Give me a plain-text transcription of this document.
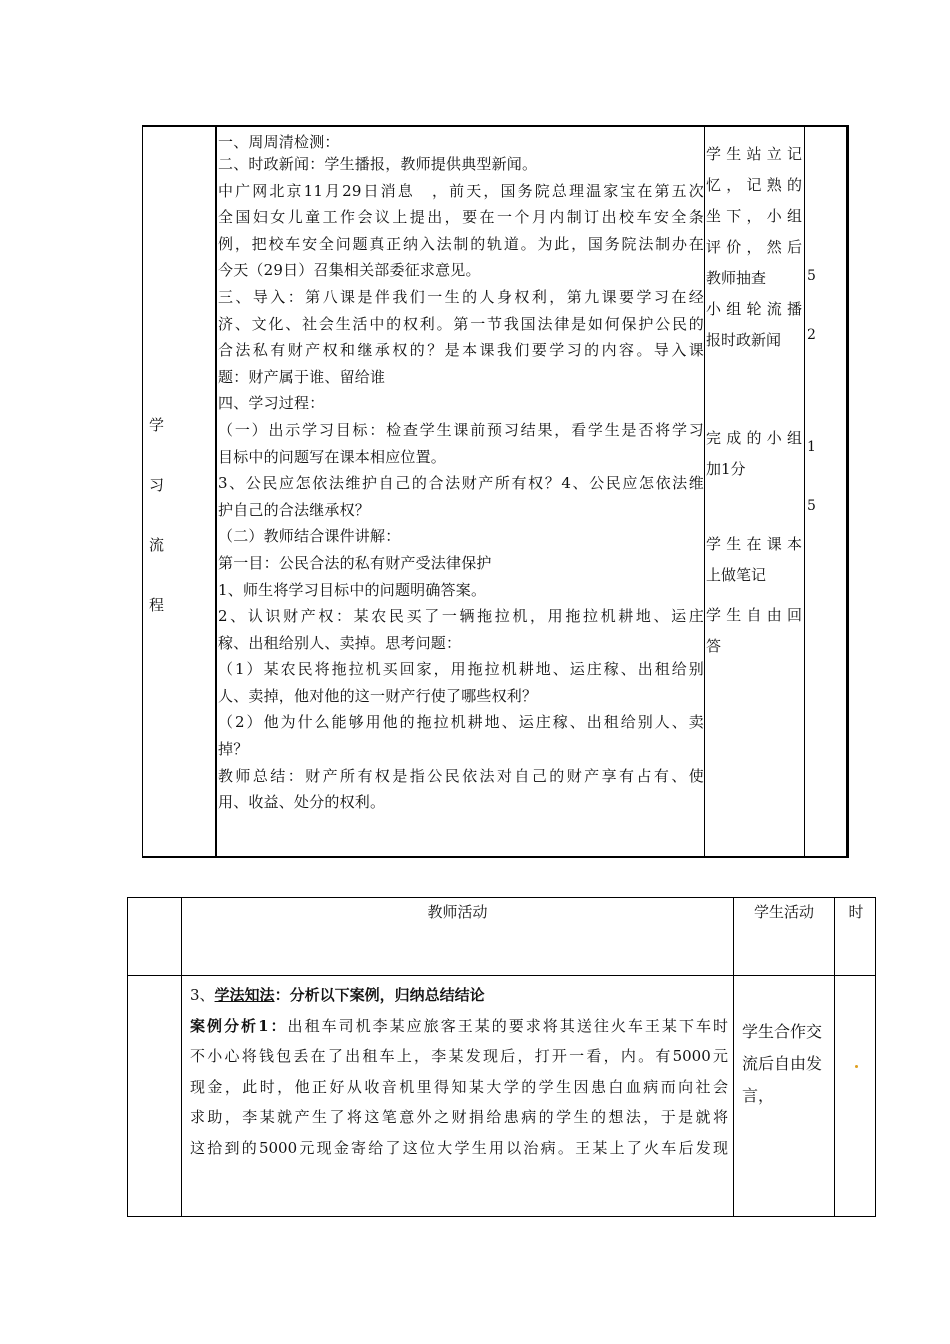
学
习
流
程
一、周周清检测：
二、时政新闻：学生播报，教师提供典型新闻。
中广网北京11月29日消息　，前天，国务院总理温家宝在第五次
全国妇女儿童工作会议上提出，要在一个月内制订出校车安全条
例，把校车安全问题真正纳入法制的轨道。为此，国务院法制办在
今天（29日）召集相关部委征求意见。
三、导入：第八课是伴我们一生的人身权利，第九课要学习在经
济、文化、社会生活中的权利。第一节我国法律是如何保护公民的
合法私有财产权和继承权的？是本课我们要学习的内容。导入课
题：财产属于谁、留给谁
四、学习过程：
（一）出示学习目标：检查学生课前预习结果，看学生是否将学习
目标中的问题写在课本相应位置。
3、公民应怎依法维护自己的合法财产所有权？4、公民应怎依法维
护自己的合法继承权？
（二）教师结合课件讲解：
第一目：公民合法的私有财产受法律保护
1、师生将学习目标中的问题明确答案。
2、认识财产权：某农民买了一辆拖拉机，用拖拉机耕地、运庄
稼、出租给别人、卖掉。思考问题：
（1）某农民将拖拉机买回家，用拖拉机耕地、运庄稼、出租给别
人、卖掉，他对他的这一财产行使了哪些权利？
（2）他为什么能够用他的拖拉机耕地、运庄稼、出租给别人、卖
掉？
教师总结：财产所有权是指公民依法对自己的财产享有占有、使
用、收益、处分的权利。
学生站立记
忆，记熟的
坐下，小组
评价，然后
教师抽查
小组轮流播
报时政新闻
完成的小组
加1分
学生在课本
上做笔记
学生自由回
答
5
2
1
5
教师活动	学生活动	时
3、学法知法：分析以下案例，归纳总结结论
案例分析1：出租车司机李某应旅客王某的要求将其送往火车王某下车时
不小心将钱包丢在了出租车上，李某发现后，打开一看，内。有5000元
现金，此时，他正好从收音机里得知某大学的学生因患白血病而向社会
求助，李某就产生了将这笔意外之财捐给患病的学生的想法，于是就将
这拾到的5000元现金寄给了这位大学生用以治病。王某上了火车后发现
学生合作交
流后自由发
言，
